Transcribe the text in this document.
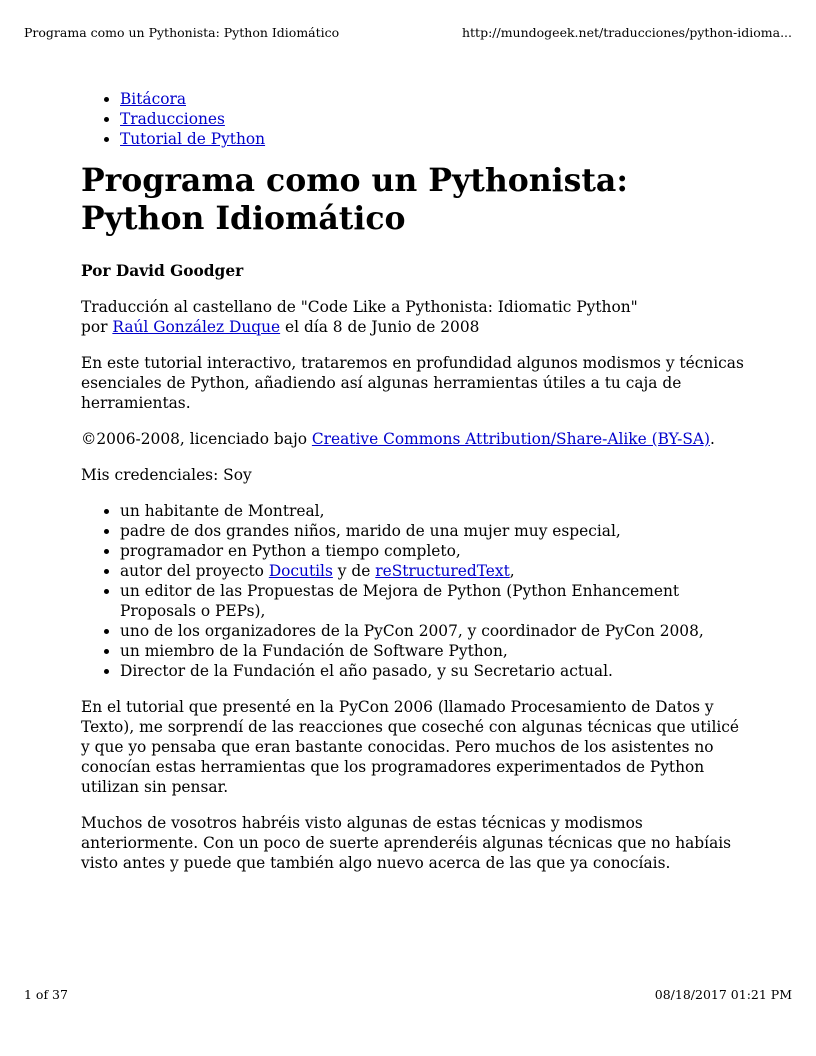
Programa como un Pythonista: Python Idiomático	http://mundogeek.net/traducciones/python-idioma...
• Bitácora
• Traducciones
• Tutorial de Python
Programa como un Pythonista:
Python Idiomático

Por David Goodger

Traducción al castellano de "Code Like a Pythonista: Idiomatic Python"
por Raúl González Duque el día 8 de Junio de 2008

En este tutorial interactivo, trataremos en profundidad algunos modismos y técnicas esenciales de Python, añadiendo así algunas herramientas útiles a tu caja de herramientas.

©2006-2008, licenciado bajo Creative Commons Attribution/Share-Alike (BY-SA).

Mis credenciales: Soy

• un habitante de Montreal,
• padre de dos grandes niños, marido de una mujer muy especial,
• programador en Python a tiempo completo,
• autor del proyecto Docutils y de reStructuredText,
• un editor de las Propuestas de Mejora de Python (Python Enhancement Proposals o PEPs),
• uno de los organizadores de la PyCon 2007, y coordinador de PyCon 2008,
• un miembro de la Fundación de Software Python,
• Director de la Fundación el año pasado, y su Secretario actual.

En el tutorial que presenté en la PyCon 2006 (llamado Procesamiento de Datos y Texto), me sorprendí de las reacciones que coseché con algunas técnicas que utilicé y que yo pensaba que eran bastante conocidas. Pero muchos de los asistentes no conocían estas herramientas que los programadores experimentados de Python utilizan sin pensar.

Muchos de vosotros habréis visto algunas de estas técnicas y modismos anteriormente. Con un poco de suerte aprenderéis algunas técnicas que no habíais visto antes y puede que también algo nuevo acerca de las que ya conocíais.

1 of 37	08/18/2017 01:21 PM
